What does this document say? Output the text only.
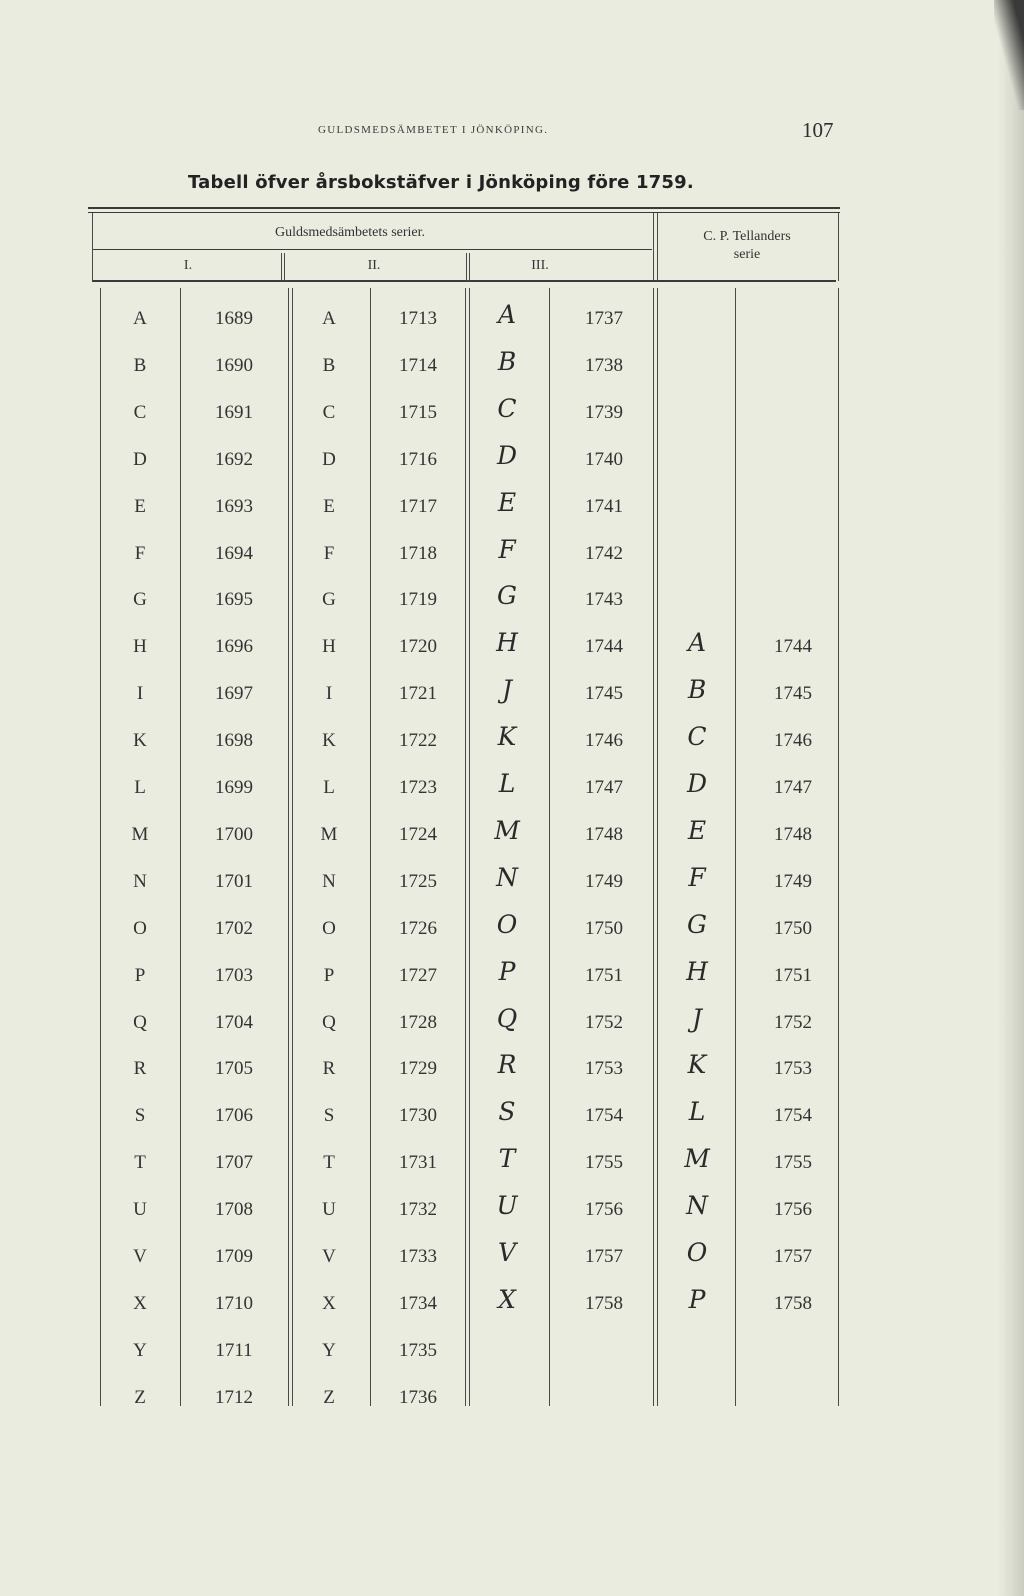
GULDSMEDSÄMBETET I JÖNKÖPING.	107
Tabell öfver årsbokstäfver i Jönköping före 1759.
Guldsmedsämbetets serier.
I.	II.	III.
C. P. Tellanders
serie
A	1689	A	1713	A	1737
B	1690	B	1714	B	1738
C	1691	C	1715	C	1739
D	1692	D	1716	D	1740
E	1693	E	1717	E	1741
F	1694	F	1718	F	1742
G	1695	G	1719	G	1743
H	1696	H	1720	H	1744	A	1744
I	1697	I	1721	J	1745	B	1745
K	1698	K	1722	K	1746	C	1746
L	1699	L	1723	L	1747	D	1747
M	1700	M	1724	M	1748	E	1748
N	1701	N	1725	N	1749	F	1749
O	1702	O	1726	O	1750	G	1750
P	1703	P	1727	P	1751	H	1751
Q	1704	Q	1728	Q	1752	J	1752
R	1705	R	1729	R	1753	K	1753
S	1706	S	1730	S	1754	L	1754
T	1707	T	1731	T	1755	M	1755
U	1708	U	1732	U	1756	N	1756
V	1709	V	1733	V	1757	O	1757
X	1710	X	1734	X	1758	P	1758
Y	1711	Y	1735
Z	1712	Z	1736
